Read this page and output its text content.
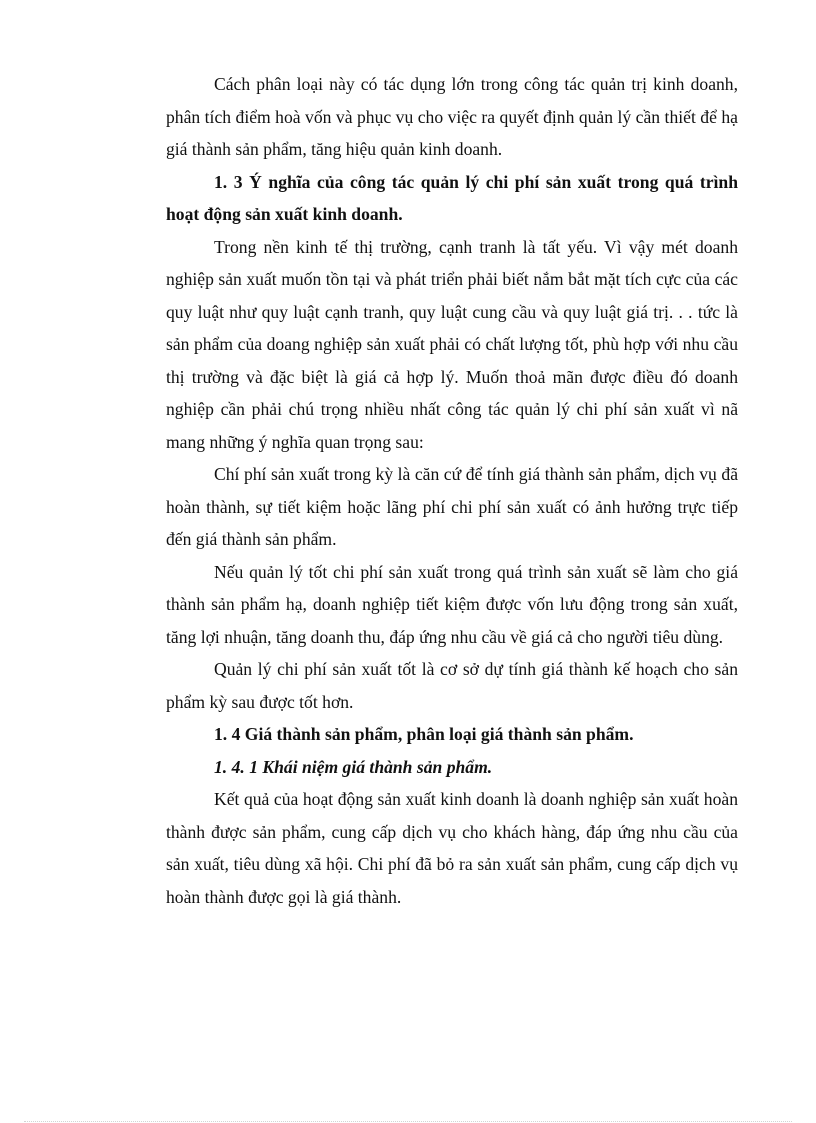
Cách phân loại này có tác dụng lớn trong công tác quản trị kinh doanh, phân tích điểm hoà vốn và phục vụ cho việc ra quyết định quản lý cần thiết để hạ giá thành sản phẩm, tăng hiệu quản kinh doanh.

1. 3 Ý nghĩa của công tác quản lý chi phí sản xuất trong quá trình hoạt động sản xuất kinh doanh.

Trong nền kinh tế thị trường, cạnh tranh là tất yếu. Vì vậy mét doanh nghiệp sản xuất muốn tồn tại và phát triển phải biết nắm bắt mặt tích cực của các quy luật như quy luật cạnh tranh, quy luật cung cầu và quy luật giá trị. . . tức là sản phẩm của doang nghiệp sản xuất phải có chất lượng tốt, phù hợp với nhu cầu thị trường và đặc biệt là giá cả hợp lý. Muốn thoả mãn được điều đó doanh nghiệp cần phải chú trọng nhiều nhất công tác quản lý chi phí sản xuất vì nã mang những ý nghĩa quan trọng sau:

Chí phí sản xuất trong kỳ là căn cứ để tính giá thành sản phẩm, dịch vụ đã hoàn thành, sự tiết kiệm hoặc lãng phí chi phí sản xuất có ảnh hưởng trực tiếp đến giá thành sản phẩm.

Nếu quản lý tốt chi phí sản xuất trong quá trình sản xuất sẽ làm cho giá thành sản phẩm hạ, doanh nghiệp tiết kiệm được vốn lưu động trong sản xuất, tăng lợi nhuận, tăng doanh thu, đáp ứng nhu cầu về giá cả cho người tiêu dùng.

Quản lý chi phí sản xuất tốt là cơ sở dự tính giá thành kế hoạch cho sản phẩm kỳ sau được tốt hơn.

1. 4 Giá thành sản phẩm, phân loại giá thành sản phẩm.

1. 4. 1 Khái niệm giá thành sản phẩm.

Kết quả của hoạt động sản xuất kinh doanh là doanh nghiệp sản xuất hoàn thành được sản phẩm, cung cấp dịch vụ cho khách hàng, đáp ứng nhu cầu của sản xuất, tiêu dùng xã hội. Chi phí đã bỏ ra sản xuất sản phẩm, cung cấp dịch vụ hoàn thành được gọi là giá thành.
